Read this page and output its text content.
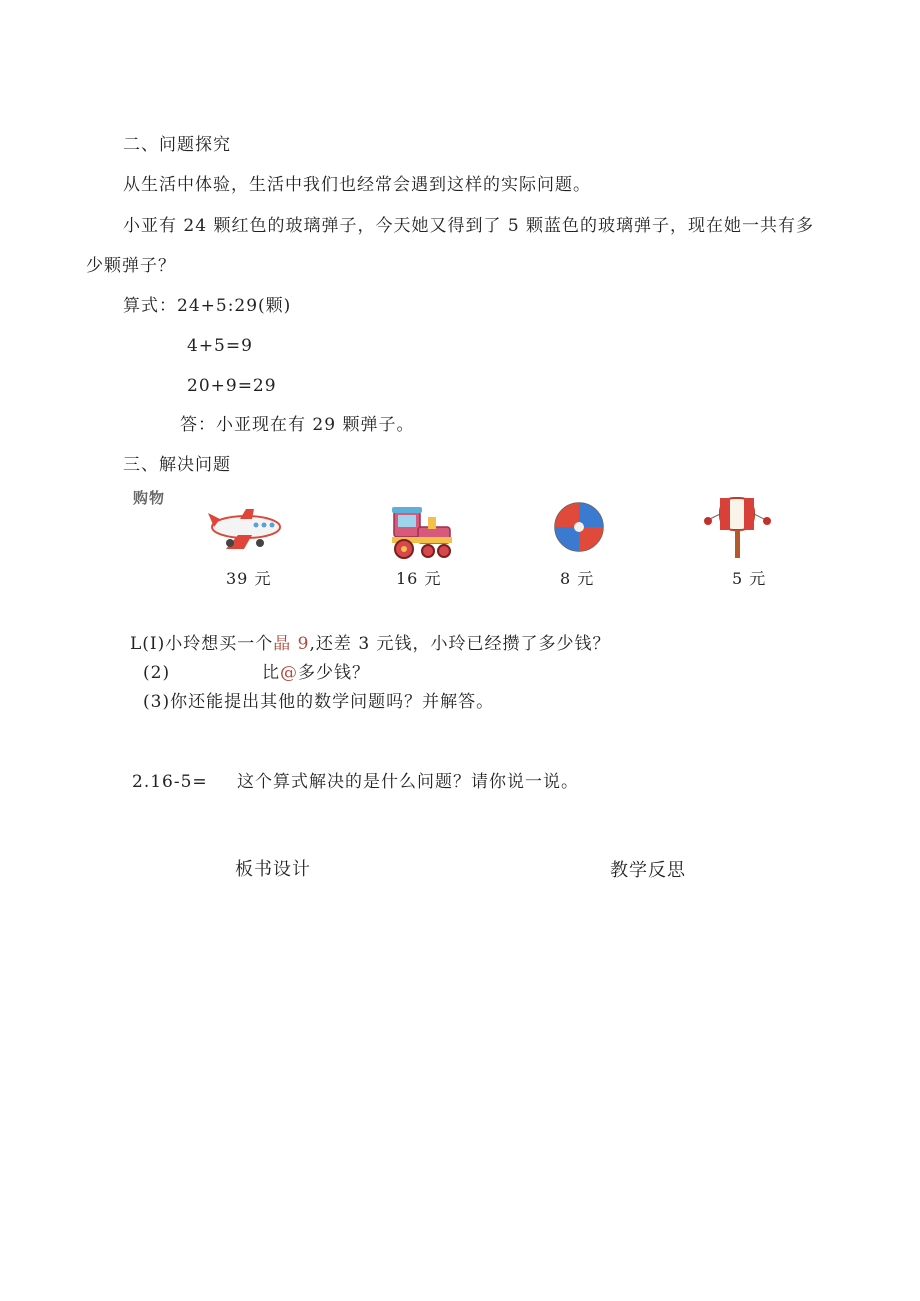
二、问题探究
从生活中体验，生活中我们也经常会遇到这样的实际问题。
小亚有 24 颗红色的玻璃弹子，今天她又得到了 5 颗蓝色的玻璃弹子，现在她一共有多
少颗弹子？
算式：24+5:29(颗)
4+5=9
20+9=29
答：小亚现在有 29 颗弹子。
三、解决问题
购物
39 元	16 元	8 元	5 元
L(I)小玲想买一个晶 9,还差 3 元钱，小玲已经攒了多少钱？
(2)	比@多少钱？
(3)你还能提出其他的数学问题吗？并解答。
2.16-5= 这个算式解决的是什么问题？请你说一说。
板书设计	教学反思
